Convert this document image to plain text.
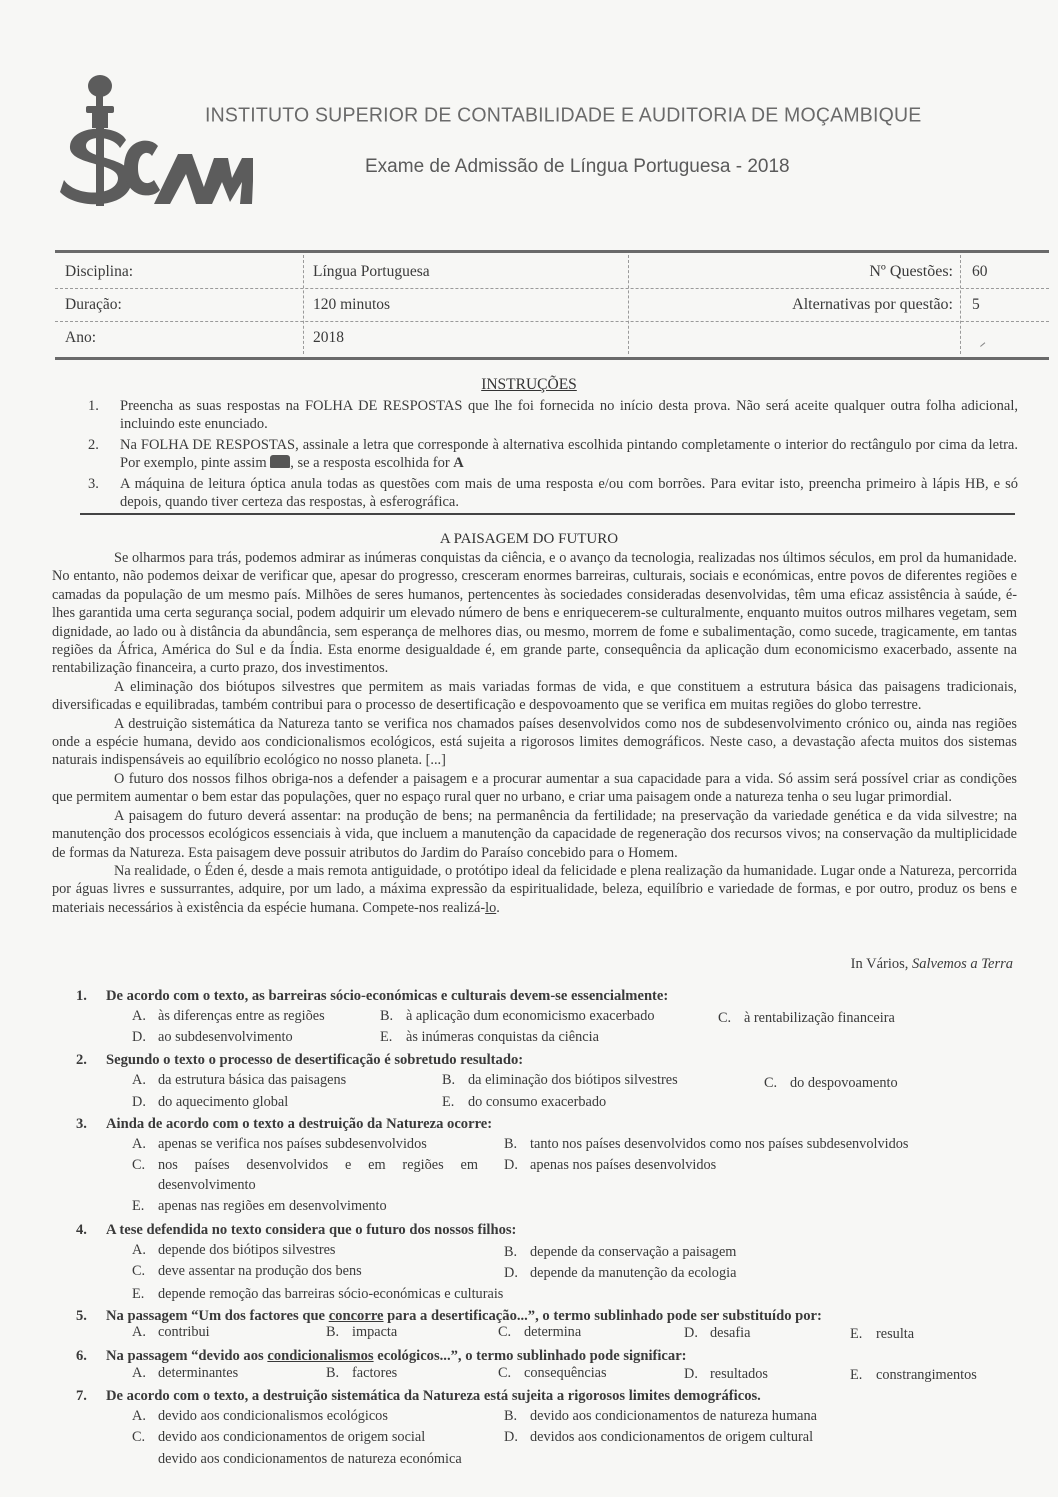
INSTITUTO SUPERIOR DE CONTABILIDADE E AUDITORIA DE MOÇAMBIQUE
Exame de Admissão de Língua Portuguesa - 2018
Disciplina:	Língua Portuguesa	Nº Questões: 60
Duração:	120 minutos	Alternativas por questão: 5
Ano:	2018
INSTRUÇÕES
1. Preencha as suas respostas na FOLHA DE RESPOSTAS que lhe foi fornecida no início desta prova. Não será aceite qualquer outra folha adicional, incluindo este enunciado.
2. Na FOLHA DE RESPOSTAS, assinale a letra que corresponde à alternativa escolhida pintando completamente o interior do rectângulo por cima da letra. Por exemplo, pinte assim , se a resposta escolhida for A
3. A máquina de leitura óptica anula todas as questões com mais de uma resposta e/ou com borrões. Para evitar isto, preencha primeiro à lápis HB, e só depois, quando tiver certeza das respostas, à esferográfica.
A PAISAGEM DO FUTURO

Se olharmos para trás, podemos admirar as inúmeras conquistas da ciência, e o avanço da tecnologia, realizadas nos últimos séculos, em prol da humanidade. No entanto, não podemos deixar de verificar que, apesar do progresso, cresceram enormes barreiras, culturais, sociais e económicas, entre povos de diferentes regiões e camadas da população de um mesmo país. Milhões de seres humanos, pertencentes às sociedades consideradas desenvolvidas, têm uma eficaz assistência à saúde, é-lhes garantida uma certa segurança social, podem adquirir um elevado número de bens e enriquecerem-se culturalmente, enquanto muitos outros milhares vegetam, sem dignidade, ao lado ou à distância da abundância, sem esperança de melhores dias, ou mesmo, morrem de fome e subalimentação, como sucede, tragicamente, em tantas regiões da África, América do Sul e da Índia. Esta enorme desigualdade é, em grande parte, consequência da aplicação dum economicismo exacerbado, assente na rentabilização financeira, a curto prazo, dos investimentos.

A eliminação dos biótupos silvestres que permitem as mais variadas formas de vida, e que constituem a estrutura básica das paisagens tradicionais, diversificadas e equilibradas, também contribui para o processo de desertificação e despovoamento que se verifica em muitas regiões do globo terrestre.

A destruição sistemática da Natureza tanto se verifica nos chamados países desenvolvidos como nos de subdesenvolvimento crónico ou, ainda nas regiões onde a espécie humana, devido aos condicionalismos ecológicos, está sujeita a rigorosos limites demográficos. Neste caso, a devastação afecta muitos dos sistemas naturais indispensáveis ao equilíbrio ecológico no nosso planeta. [...]

O futuro dos nossos filhos obriga-nos a defender a paisagem e a procurar aumentar a sua capacidade para a vida. Só assim será possível criar as condições que permitem aumentar o bem estar das populações, quer no espaço rural quer no urbano, e criar uma paisagem onde a natureza tenha o seu lugar primordial.

A paisagem do futuro deverá assentar: na produção de bens; na permanência da fertilidade; na preservação da variedade genética e da vida silvestre; na manutenção dos processos ecológicos essenciais à vida, que incluem a manutenção da capacidade de regeneração dos recursos vivos; na conservação da multiplicidade de formas da Natureza. Esta paisagem deve possuir atributos do Jardim do Paraíso concebido para o Homem.

Na realidade, o Éden é, desde a mais remota antiguidade, o protótipo ideal da felicidade e plena realização da humanidade. Lugar onde a Natureza, percorrida por águas livres e sussurrantes, adquire, por um lado, a máxima expressão da espiritualidade, beleza, equilíbrio e variedade de formas, e por outro, produz os bens e materiais necessários à existência da espécie humana. Compete-nos realizá-lo.

In Vários, Salvemos a Terra
1. De acordo com o texto, as barreiras sócio-económicas e culturais devem-se essencialmente:
A. às diferenças entre as regiões	B. à aplicação dum economicismo exacerbado	C. à rentabilização financeira
D. ao subdesenvolvimento	E. às inúmeras conquistas da ciência
2. Segundo o texto o processo de desertificação é sobretudo resultado:
A. da estrutura básica das paisagens	B. da eliminação dos biótipos silvestres	C. do despovoamento
D. do aquecimento global	E. do consumo exacerbado
3. Ainda de acordo com o texto a destruição da Natureza ocorre:
A. apenas se verifica nos países subdesenvolvidos	B. tanto nos países desenvolvidos como nos países subdesenvolvidos
C. nos países desenvolvidos e em regiões em desenvolvimento
D. apenas nos países desenvolvidos
E. apenas nas regiões em desenvolvimento
4. A tese defendida no texto considera que o futuro dos nossos filhos:
A. depende dos biótipos silvestres	B. depende da conservação a paisagem
C. deve assentar na produção dos bens	D. depende da manutenção da ecologia
E. depende remoção das barreiras sócio-económicas e culturais
5. Na passagem “Um dos factores que concorre para a desertificação...”, o termo sublinhado pode ser substituído por:
A. contribui	B. impacta	C. determina	D. desafia	E. resulta
6. Na passagem “devido aos condicionalismos ecológicos...”, o termo sublinhado pode significar:
A. determinantes	B. factores	C. consequências	D. resultados	E. constrangimentos
7. De acordo com o texto, a destruição sistemática da Natureza está sujeita a rigorosos limites demográficos.
A. devido aos condicionalismos ecológicos	B. devido aos condicionamentos de natureza humana
C. devido aos condicionamentos de origem social	D. devidos aos condicionamentos de origem cultural
devido aos condicionamentos de natureza económica
